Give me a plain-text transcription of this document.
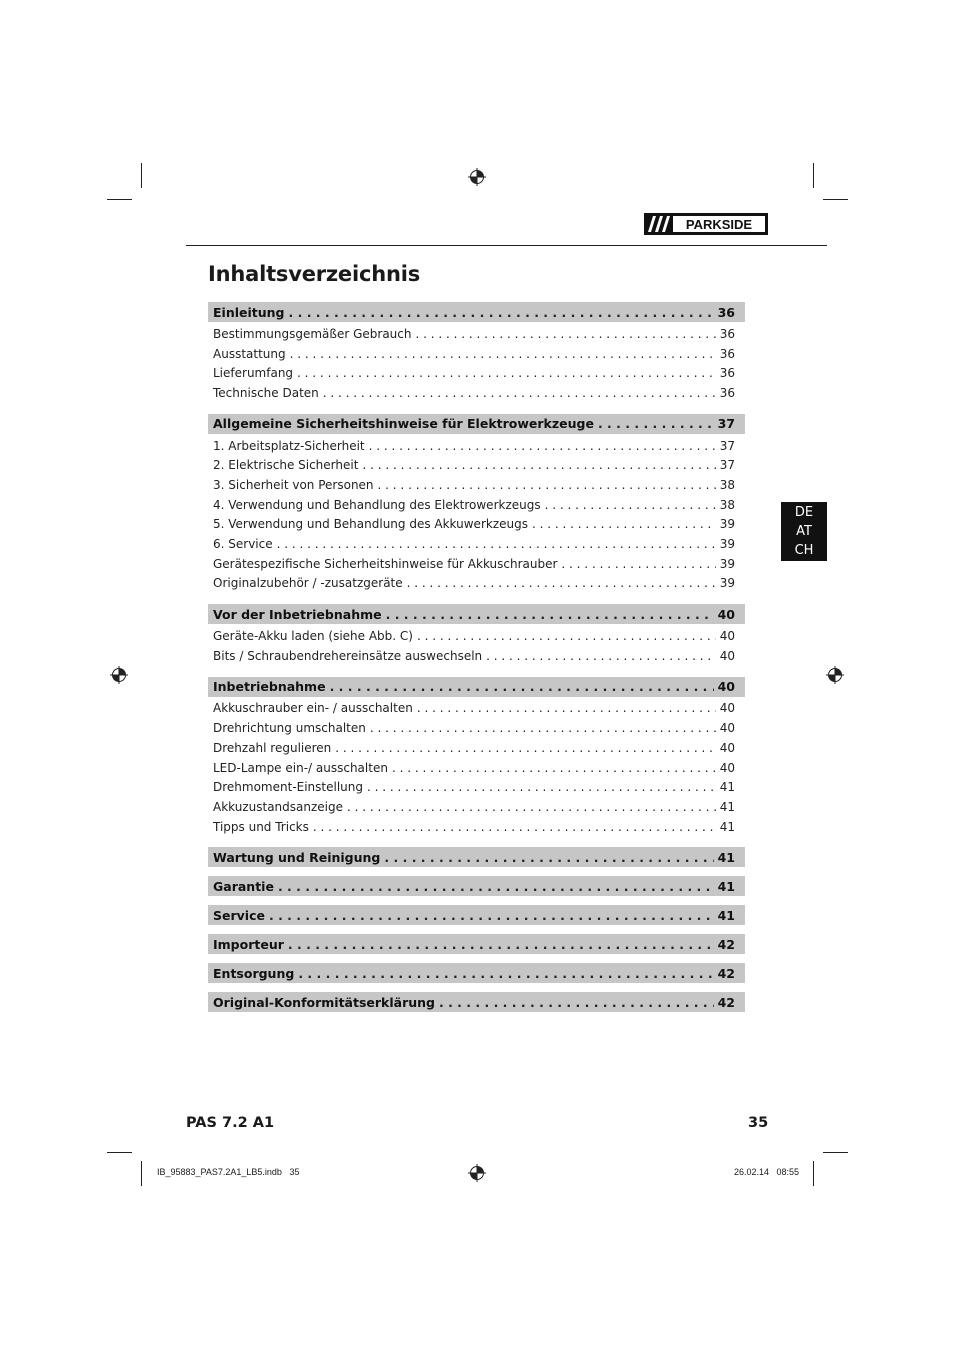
PARKSIDE
Inhaltsverzeichnis
Einleitung . . .	36
Bestimmungsgemäßer Gebrauch . . .	36
Ausstattung . . .	36
Lieferumfang . . .	36
Technische Daten . . .	36
Allgemeine Sicherheitshinweise für Elektrowerkzeuge . . .	37
1. Arbeitsplatz-Sicherheit . . .	37
2. Elektrische Sicherheit . . .	37
3. Sicherheit von Personen . . .	38
4. Verwendung und Behandlung des Elektrowerkzeugs . . .	38
5. Verwendung und Behandlung des Akkuwerkzeugs . . .	39
6. Service . . .	39
Gerätespezifische Sicherheitshinweise für Akkuschrauber . . .	39
Originalzubehör / -zusatzgeräte . . .	39
Vor der Inbetriebnahme . . .	40
Geräte-Akku laden (siehe Abb. C) . . .	40
Bits / Schraubendrehereinsätze auswechseln . . .	40
Inbetriebnahme . . .	40
Akkuschrauber ein- / ausschalten . . .	40
Drehrichtung umschalten . . .	40
Drehzahl regulieren . . .	40
LED-Lampe ein-/ ausschalten . . .	40
Drehmoment-Einstellung . . .	41
Akkuzustandsanzeige . . .	41
Tipps und Tricks . . .	41
Wartung und Reinigung . . .	41
Garantie . . .	41
Service . . .	41
Importeur . . .	42
Entsorgung . . .	42
Original-Konformitätserklärung . . .	42
DE
AT
CH
PAS 7.2 A1	35
IB_95883_PAS7.2A1_LB5.indb   35	26.02.14   08:55
